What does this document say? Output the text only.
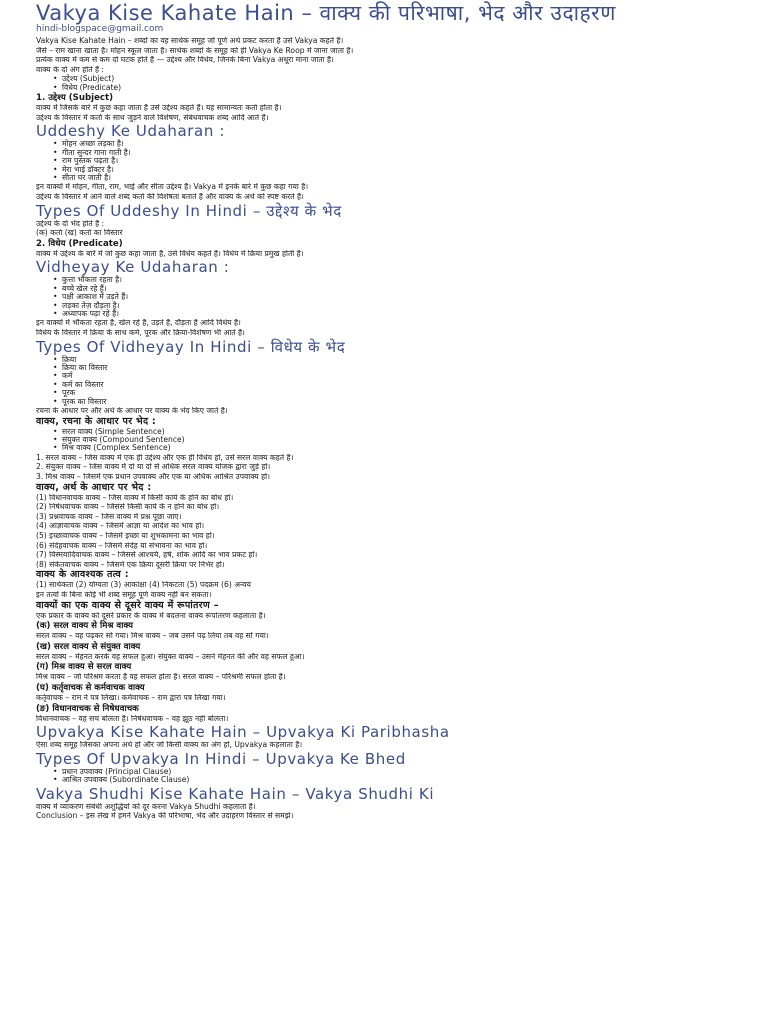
Vakya Kise Kahate Hain – वाक्य की परिभाषा, भेद और उदाहरण
hindi-blogspace@gmail.com

Vakya Kise Kahate Hain – शब्दों का वह सार्थक समूह जो पूर्ण अर्थ प्रकट करता है उसे Vakya कहते हैं।

जैसे – राम खाना खाता है। मोहन स्कूल जाता है। सार्थक शब्दों के समूह को ही Vakya Ke Roop में जाना जाता है।

प्रत्येक वाक्य में कम से कम दो घटक होते हैं — उद्देश्य और विधेय, जिनके बिना Vakya अधूरा माना जाता है।

वाक्य के दो अंग होते हैं :

• उद्देश्य (Subject)
• विधेय (Predicate)
1. उद्देश्य (Subject)

वाक्य में जिसके बारे में कुछ कहा जाता है उसे उद्देश्य कहते हैं। यह सामान्यतः कर्ता होता है।

उद्देश्य के विस्तार में कर्ता के साथ जुड़ने वाले विशेषण, संबंधवाचक शब्द आदि आते हैं।

Uddeshy Ke Udaharan :
• मोहन अच्छा लड़का है।
• गीता सुन्दर गाना गाती है।
• राम पुस्तक पढ़ता है।
• मेरा भाई डॉक्टर है।
• सीता घर जाती है।

इन वाक्यों में मोहन, गीता, राम, भाई और सीता उद्देश्य हैं। Vakya में इनके बारे में कुछ कहा गया है।

उद्देश्य के विस्तार में आने वाले शब्द कर्ता की विशेषता बताते हैं और वाक्य के अर्थ को स्पष्ट करते हैं।

Types Of Uddeshy In Hindi – उद्देश्य के भेद

उद्देश्य के दो भेद होते हैं :

(क) कर्ता (ख) कर्ता का विस्तार

2. विधेय (Predicate)

वाक्य में उद्देश्य के बारे में जो कुछ कहा जाता है, उसे विधेय कहते हैं। विधेय में क्रिया प्रमुख होती है।

Vidheyay Ke Udaharan :
• कुत्ता भौंकता रहता है।
• बच्चे खेल रहे हैं।
• पक्षी आकाश में उड़ते हैं।
• लड़का तेज़ दौड़ता है।
• अध्यापक पढ़ा रहे हैं।

इन वाक्यों में भौंकता रहता है, खेल रहे हैं, उड़ते हैं, दौड़ता है आदि विधेय हैं।

विधेय के विस्तार में क्रिया के साथ कर्म, पूरक और क्रिया-विशेषण भी आते हैं।

Types Of Vidheyay In Hindi – विधेय के भेद
• क्रिया
• क्रिया का विस्तार
• कर्म
• कर्म का विस्तार
• पूरक
• पूरक का विस्तार

रचना के आधार पर और अर्थ के आधार पर वाक्य के भेद किए जाते हैं।

वाक्य, रचना के आधार पर भेद :
• सरल वाक्य (Simple Sentence)
• संयुक्त वाक्य (Compound Sentence)
• मिश्र वाक्य (Complex Sentence)

1. सरल वाक्य – जिस वाक्य में एक ही उद्देश्य और एक ही विधेय हो, उसे सरल वाक्य कहते हैं।

2. संयुक्त वाक्य – जिस वाक्य में दो या दो से अधिक सरल वाक्य योजक द्वारा जुड़े हों।

3. मिश्र वाक्य – जिसमें एक प्रधान उपवाक्य और एक या अधिक आश्रित उपवाक्य हों।

वाक्य, अर्थ के आधार पर भेद :

(1) विधानवाचक वाक्य – जिस वाक्य में किसी कार्य के होने का बोध हो।

(2) निषेधवाचक वाक्य – जिससे किसी कार्य के न होने का बोध हो।

(3) प्रश्नवाचक वाक्य – जिस वाक्य में प्रश्न पूछा जाए।

(4) आज्ञावाचक वाक्य – जिसमें आज्ञा या आदेश का भाव हो।

(5) इच्छावाचक वाक्य – जिसमें इच्छा या शुभकामना का भाव हो।

(6) संदेहवाचक वाक्य – जिसमें संदेह या संभावना का भाव हो।

(7) विस्मयादिवाचक वाक्य – जिससे आश्चर्य, हर्ष, शोक आदि का भाव प्रकट हो।

(8) संकेतवाचक वाक्य – जिसमें एक क्रिया दूसरी क्रिया पर निर्भर हो।

वाक्य के आवश्यक तत्व :

(1) सार्थकता (2) योग्यता (3) आकांक्षा (4) निकटता (5) पदक्रम (6) अन्वय

इन तत्वों के बिना कोई भी शब्द समूह पूर्ण वाक्य नहीं बन सकता।

वाक्यों का एक वाक्य से दूसरे वाक्य में रूपांतरण –

एक प्रकार के वाक्य को दूसरे प्रकार के वाक्य में बदलना वाक्य रूपांतरण कहलाता है।

(क) सरल वाक्य से मिश्र वाक्य

सरल वाक्य – वह पढ़कर सो गया। मिश्र वाक्य – जब उसने पढ़ लिया तब वह सो गया।

(ख) सरल वाक्य से संयुक्त वाक्य

सरल वाक्य – मेहनत करके वह सफल हुआ। संयुक्त वाक्य – उसने मेहनत की और वह सफल हुआ।

(ग) मिश्र वाक्य से सरल वाक्य

मिश्र वाक्य – जो परिश्रम करता है वह सफल होता है। सरल वाक्य – परिश्रमी सफल होता है।

(घ) कर्तृवाचक से कर्मवाचक वाक्य

कर्तृवाचक – राम ने पत्र लिखा। कर्मवाचक – राम द्वारा पत्र लिखा गया।

(ङ) विधानवाचक से निषेधवाचक

विधानवाचक – वह सच बोलता है। निषेधवाचक – वह झूठ नहीं बोलता।

Upvakya Kise Kahate Hain – Upvakya Ki Paribhasha

ऐसा शब्द समूह जिसका अपना अर्थ हो और जो किसी वाक्य का अंग हो, Upvakya कहलाता है।

Types Of Upvakya In Hindi – Upvakya Ke Bhed
• प्रधान उपवाक्य (Principal Clause)
• आश्रित उपवाक्य (Subordinate Clause)
Vakya Shudhi Kise Kahate Hain – Vakya Shudhi Ki

वाक्य में व्याकरण संबंधी अशुद्धियों को दूर करना Vakya Shudhi कहलाता है।

Conclusion – इस लेख में हमने Vakya की परिभाषा, भेद और उदाहरण विस्तार से समझे।
